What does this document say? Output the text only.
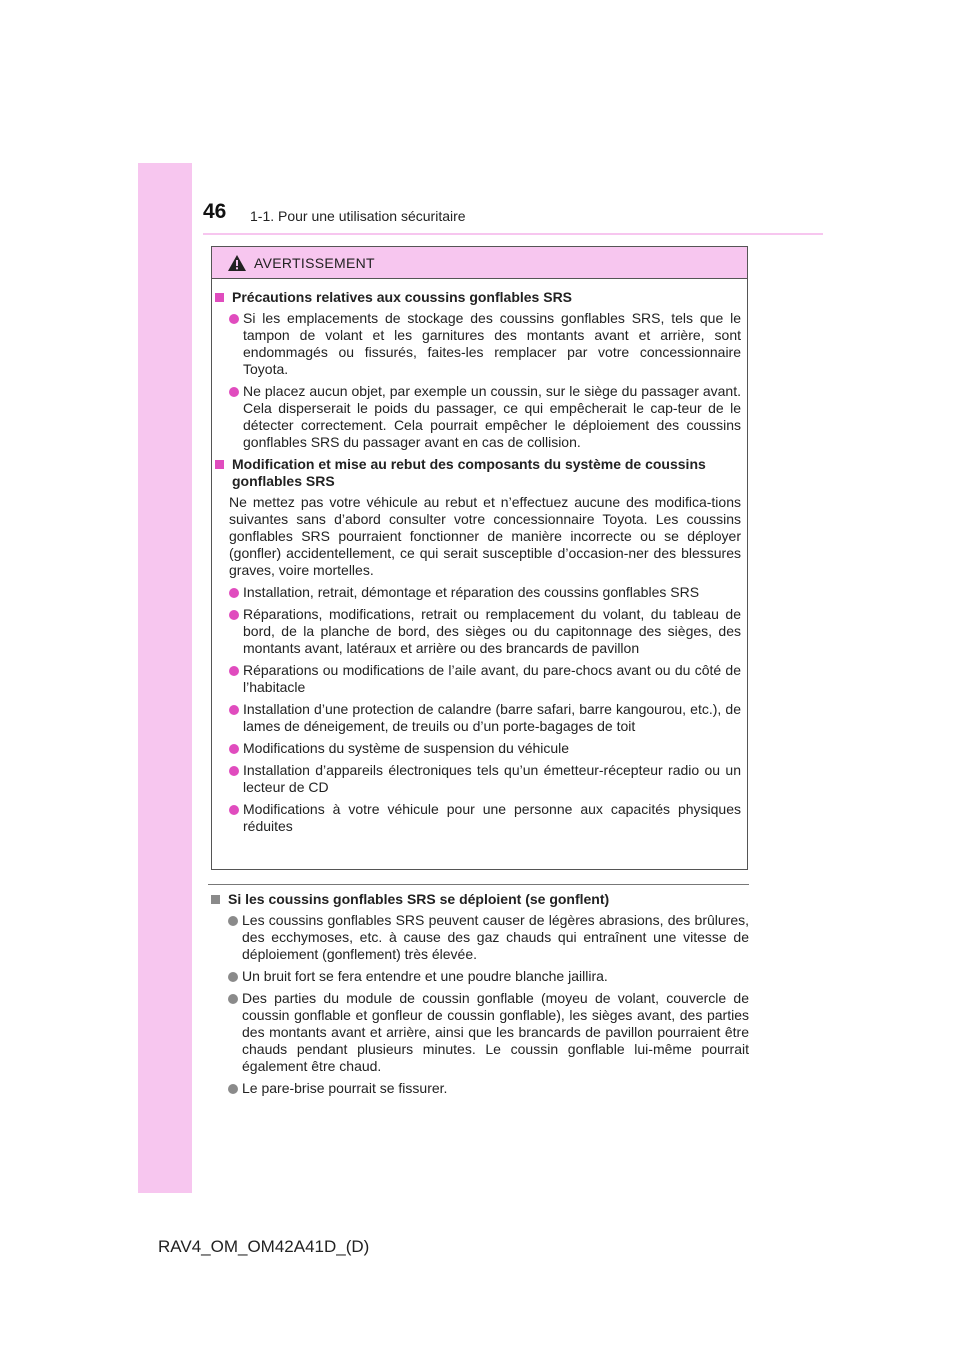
46 1-1. Pour une utilisation sécuritaire
AVERTISSEMENT
Précautions relatives aux coussins gonflables SRS
Si les emplacements de stockage des coussins gonflables SRS, tels que le tampon de volant et les garnitures des montants avant et arrière, sont endommagés ou fissurés, faites-les remplacer par votre concessionnaire Toyota.
Ne placez aucun objet, par exemple un coussin, sur le siège du passager avant. Cela disperserait le poids du passager, ce qui empêcherait le cap-teur de le détecter correctement. Cela pourrait empêcher le déploiement des coussins gonflables SRS du passager avant en cas de collision.
Modification et mise au rebut des composants du système de coussins gonflables SRS
Ne mettez pas votre véhicule au rebut et n’effectuez aucune des modifica-tions suivantes sans d’abord consulter votre concessionnaire Toyota. Les coussins gonflables SRS pourraient fonctionner de manière incorrecte ou se déployer (gonfler) accidentellement, ce qui serait susceptible d’occasion-ner des blessures graves, voire mortelles.
Installation, retrait, démontage et réparation des coussins gonflables SRS
Réparations, modifications, retrait ou remplacement du volant, du tableau de bord, de la planche de bord, des sièges ou du capitonnage des sièges, des montants avant, latéraux et arrière ou des brancards de pavillon
Réparations ou modifications de l’aile avant, du pare-chocs avant ou du côté de l’habitacle
Installation d’une protection de calandre (barre safari, barre kangourou, etc.), de lames de déneigement, de treuils ou d’un porte-bagages de toit
Modifications du système de suspension du véhicule
Installation d’appareils électroniques tels qu’un émetteur-récepteur radio ou un lecteur de CD
Modifications à votre véhicule pour une personne aux capacités physiques réduites
Si les coussins gonflables SRS se déploient (se gonflent)
Les coussins gonflables SRS peuvent causer de légères abrasions, des brûlures, des ecchymoses, etc. à cause des gaz chauds qui entraînent une vitesse de déploiement (gonflement) très élevée.
Un bruit fort se fera entendre et une poudre blanche jaillira.
Des parties du module de coussin gonflable (moyeu de volant, couvercle de coussin gonflable et gonfleur de coussin gonflable), les sièges avant, des parties des montants avant et arrière, ainsi que les brancards de pavillon pourraient être chauds pendant plusieurs minutes. Le coussin gonflable lui-même pourrait également être chaud.
Le pare-brise pourrait se fissurer.
RAV4_OM_OM42A41D_(D)
